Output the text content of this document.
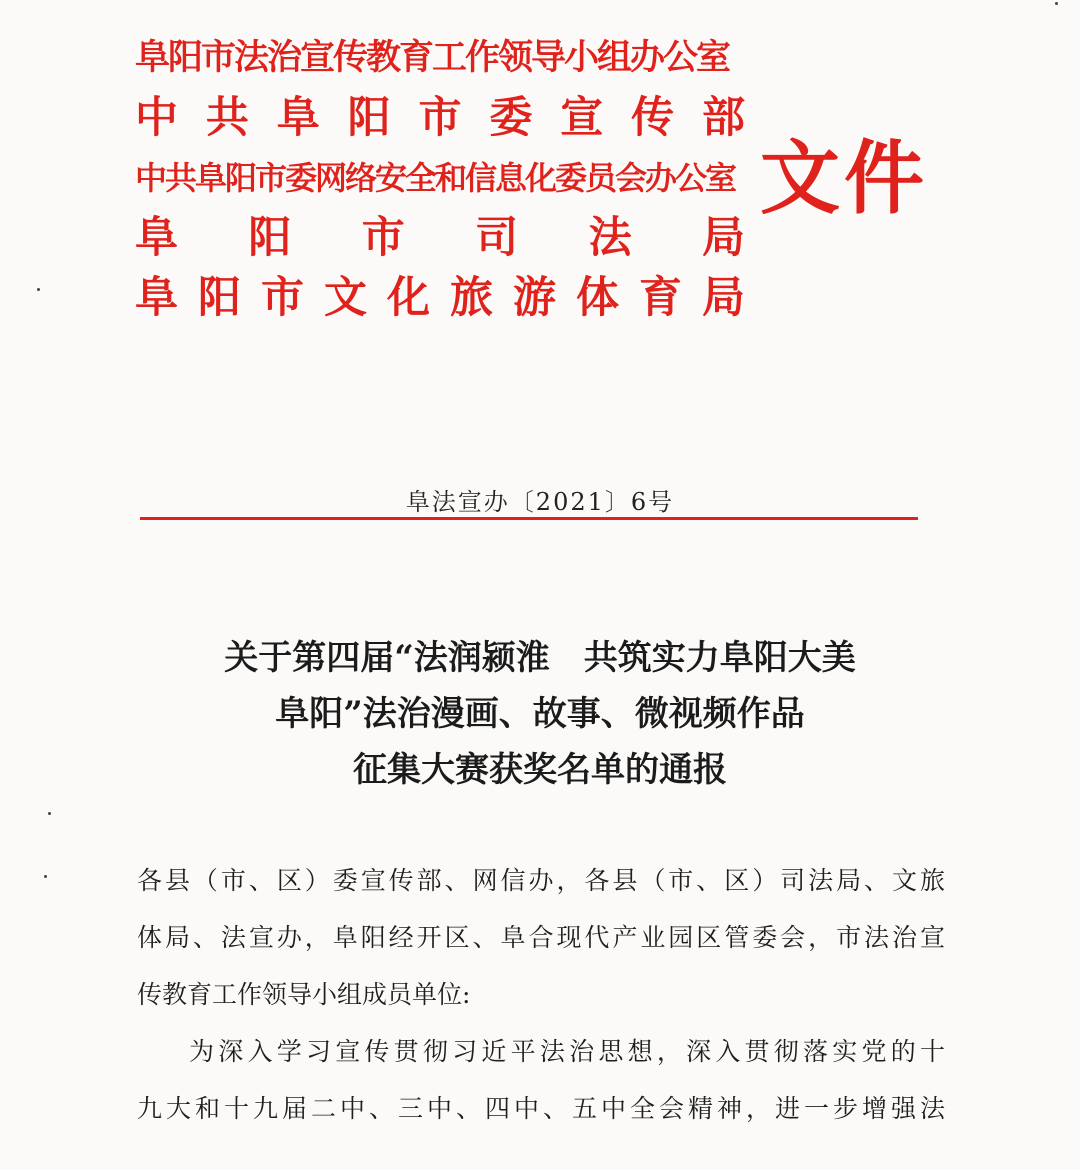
阜阳市法治宣传教育工作领导小组办公室
中 共 阜 阳 市 委 宣 传 部
中共阜阳市委网络安全和信息化委员会办公室
阜 阳 市 司 法 局
阜 阳 市 文 化 旅 游 体 育 局
文件
阜法宣办〔2021〕6号
关于第四届“法润颍淮　共筑实力阜阳大美
阜阳”法治漫画、故事、微视频作品
征集大赛获奖名单的通报
各县（市、区）委宣传部、网信办，各县（市、区）司法局、文旅
体局、法宣办，阜阳经开区、阜合现代产业园区管委会，市法治宣
传教育工作领导小组成员单位:
为深入学习宣传贯彻习近平法治思想，深入贯彻落实党的十
九大和十九届二中、三中、四中、五中全会精神，进一步增强法
